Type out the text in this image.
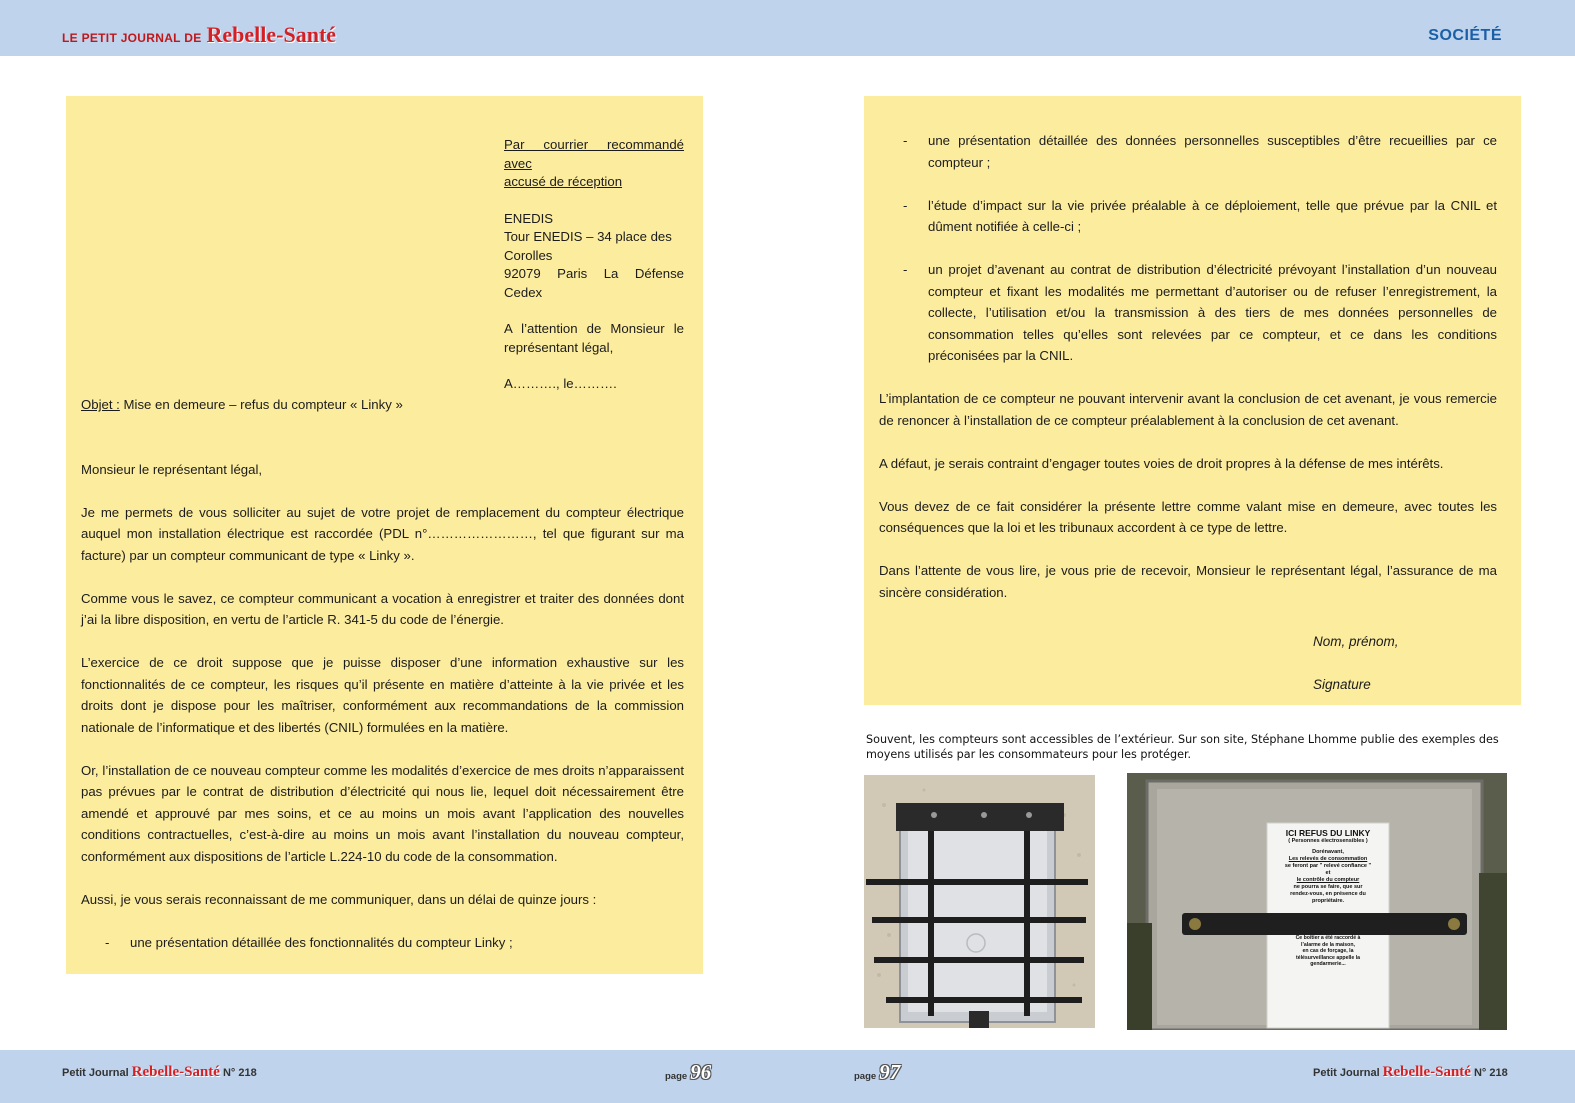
LE PETIT JOURNAL DE Rebelle-Santé	SOCIÉTÉ

Par courrier recommandé avec
accusé de réception

ENEDIS
Tour ENEDIS – 34 place des
Corolles
92079 Paris La Défense Cedex

A l’attention de Monsieur le représentant légal,

A………., le……….

Objet : Mise en demeure – refus du compteur « Linky »

Monsieur le représentant légal,

Je me permets de vous solliciter au sujet de votre projet de remplacement du compteur électrique auquel mon installation électrique est raccordée (PDL n°……………………, tel que figurant sur ma facture) par un compteur communicant de type « Linky ».

Comme vous le savez, ce compteur communicant a vocation à enregistrer et traiter des données dont j’ai la libre disposition, en vertu de l’article R. 341-5 du code de l’énergie.

L’exercice de ce droit suppose que je puisse disposer d’une information exhaustive sur les fonctionnalités de ce compteur, les risques qu’il présente en matière d’atteinte à la vie privée et les droits dont je dispose pour les maîtriser, conformément aux recommandations de la commission nationale de l’informatique et des libertés (CNIL) formulées en la matière.

Or, l’installation de ce nouveau compteur comme les modalités d’exercice de mes droits n’apparaissent pas prévues par le contrat de distribution d’électricité qui nous lie, lequel doit nécessairement être amendé et approuvé par mes soins, et ce au moins un mois avant l’application des nouvelles conditions contractuelles, c’est-à-dire au moins un mois avant l’installation du nouveau compteur, conformément aux dispositions de l’article L.224-10 du code de la consommation.

Aussi, je vous serais reconnaissant de me communiquer, dans un délai de quinze jours :

-	une présentation détaillée des fonctionnalités du compteur Linky ;
-	une présentation détaillée des données personnelles susceptibles d’être recueillies par ce compteur ;
-	l’étude d’impact sur la vie privée préalable à ce déploiement, telle que prévue par la CNIL et dûment notifiée à celle-ci ;
-	un projet d’avenant au contrat de distribution d’électricité prévoyant l’installation d’un nouveau compteur et fixant les modalités me permettant d’autoriser ou de refuser l’enregistrement, la collecte, l’utilisation et/ou la transmission à des tiers de mes données personnelles de consommation telles qu’elles sont relevées par ce compteur, et ce dans les conditions préconisées par la CNIL.

L’implantation de ce compteur ne pouvant intervenir avant la conclusion de cet avenant, je vous remercie de renoncer à l’installation de ce compteur préalablement à la conclusion de cet avenant.

A défaut, je serais contraint d’engager toutes voies de droit propres à la défense de mes intérêts.

Vous devez de ce fait considérer la présente lettre comme valant mise en demeure, avec toutes les conséquences que la loi et les tribunaux accordent à ce type de lettre.

Dans l’attente de vous lire, je vous prie de recevoir, Monsieur le représentant légal, l’assurance de ma sincère considération.

Nom, prénom,
Signature
Souvent, les compteurs sont accessibles de l’extérieur. Sur son site, Stéphane Lhomme publie des exemples des moyens utilisés par les consommateurs pour les protéger.
ICI REFUS DU LINKY
( Personnes électrosensibles )
Dorénavant,
Les relevés de consommation
se feront par " relevé confiance "
et
le contrôle du compteur
ne pourra se faire, que sur
rendez-vous, en présence du
propriétaire.
Ce boîtier a été raccordé à
l’alarme de la maison,
en cas de forçage, la
télésurveillance appelle la
gendarmerie...
Petit Journal Rebelle-Santé N° 218	page 96	page 97	Petit Journal Rebelle-Santé N° 218
